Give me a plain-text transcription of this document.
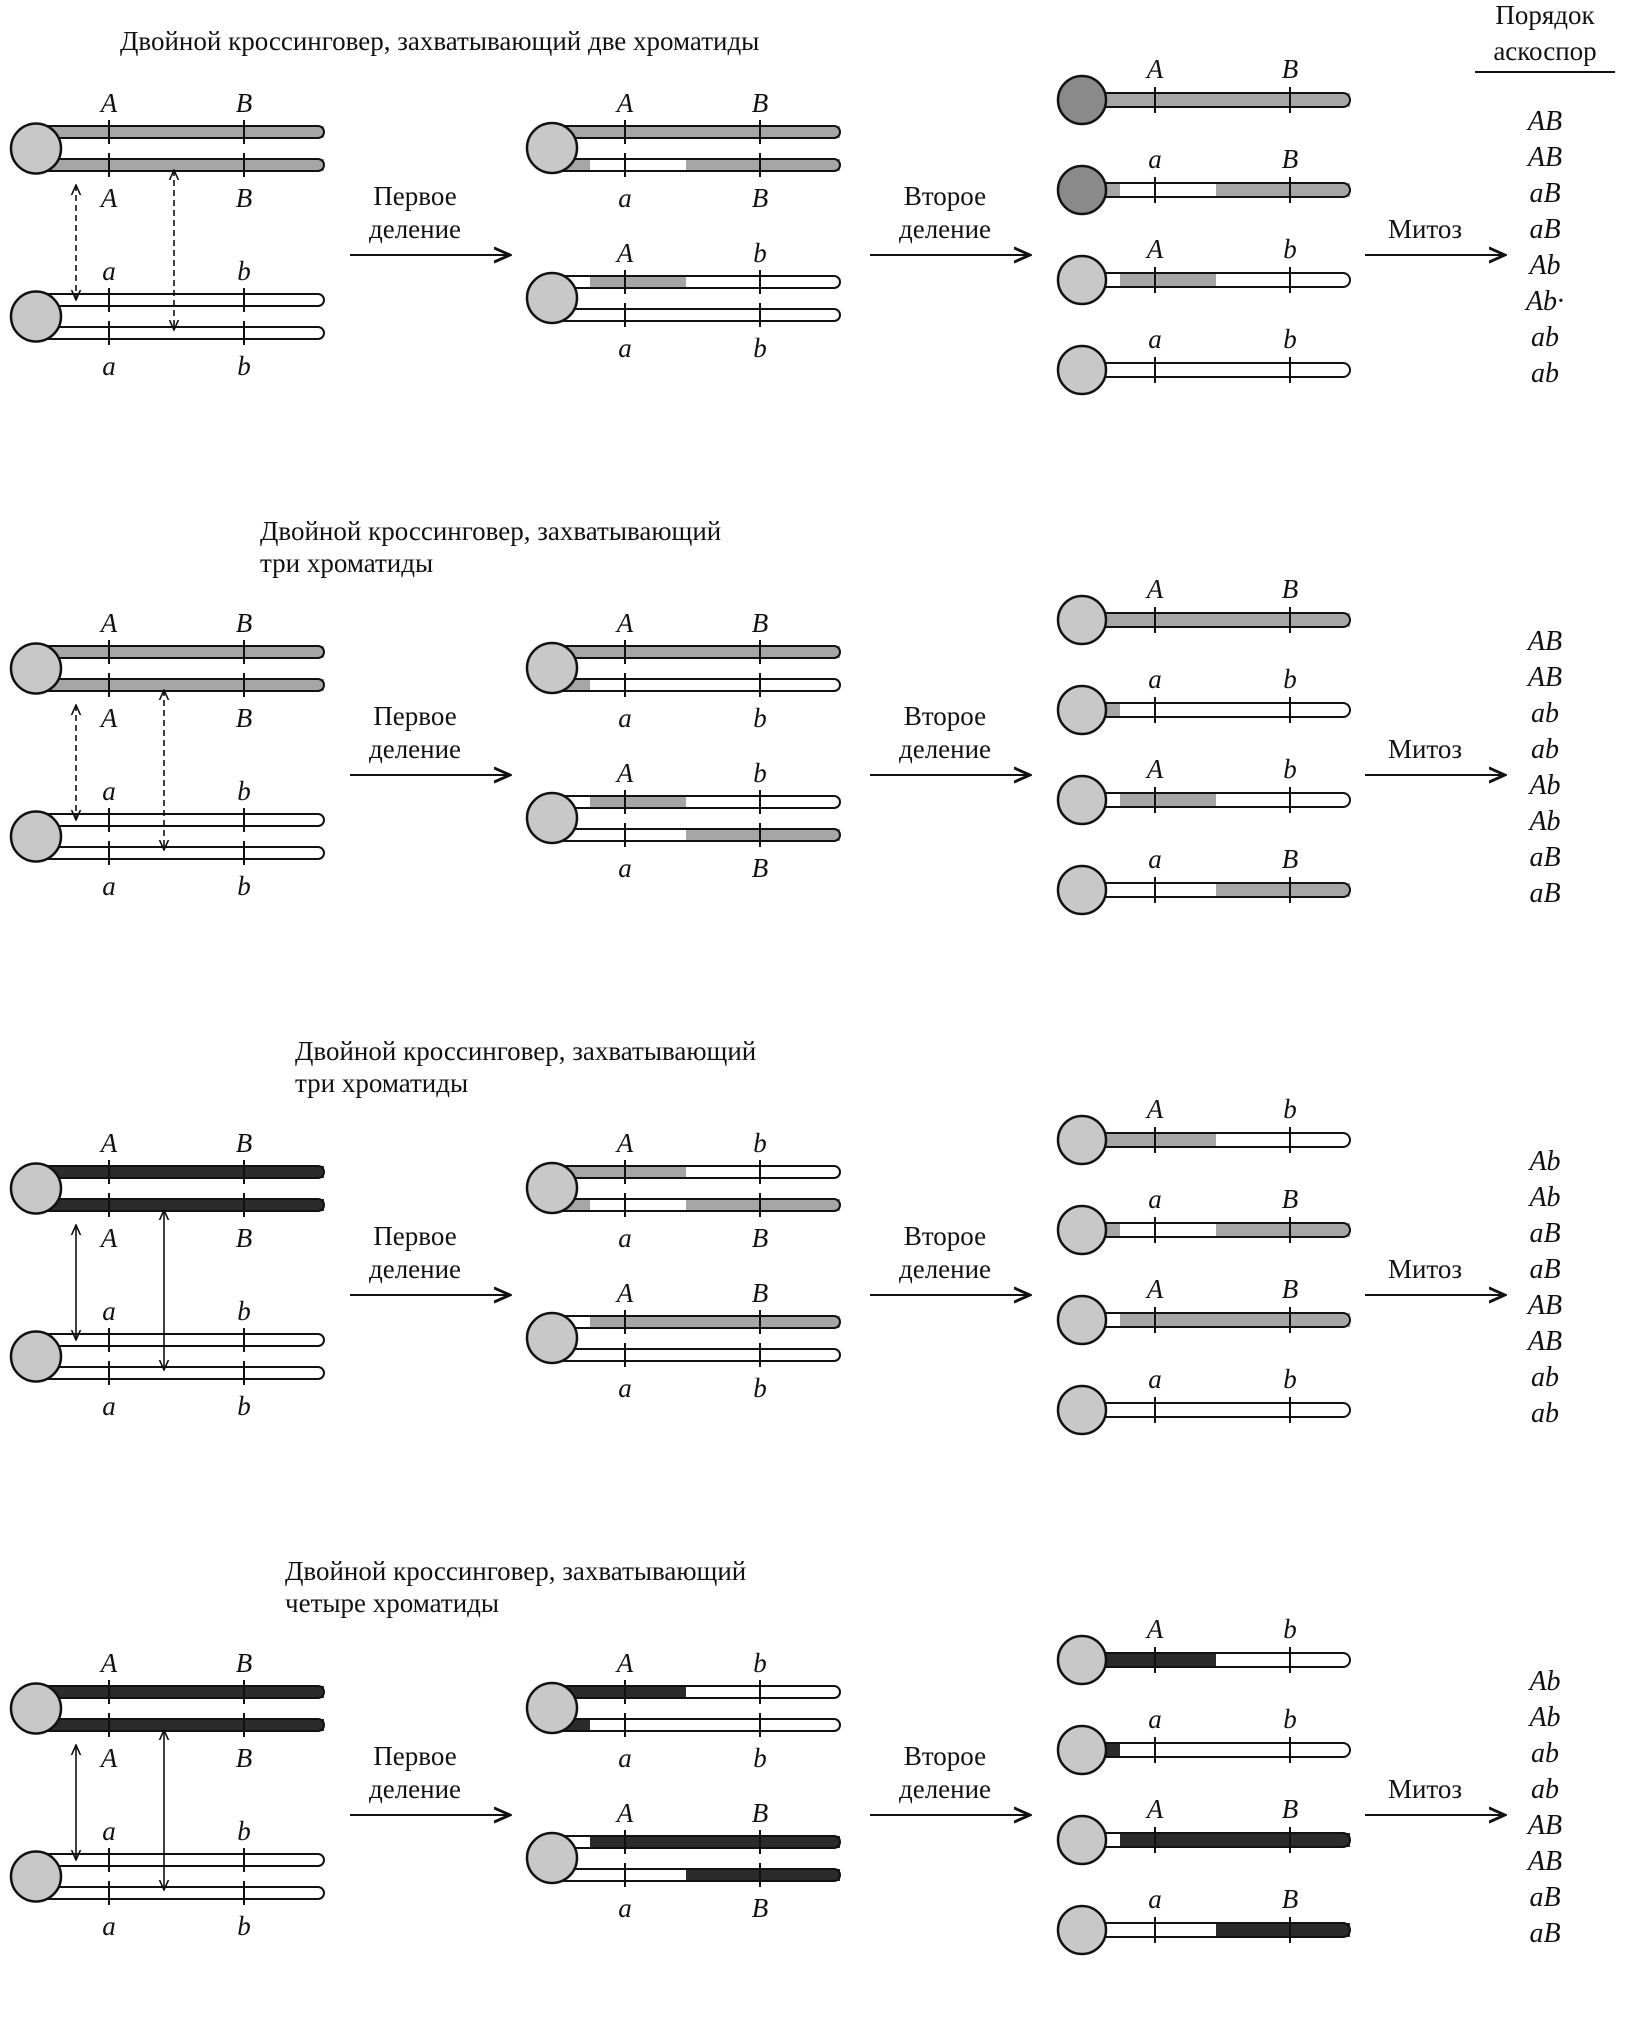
Порядок
аскоспор
Двойной кроссинговер, захватывающий две хроматиды
A	B
A	B
a	b
a	b
Первое
деление
A	B
a	B
A	b
a	b
Второе
деление
A	B
a	B
A	b
a	b
Митоз
AB
AB
aB
aB
Ab
Ab·
ab
ab
Двойной кроссинговер, захватывающий
три хроматиды
A	B
A	B
a	b
a	b
Первое
деление
A	B
a	b
A	b
a	B
Второе
деление
A	B
a	b
A	b
a	B
Митоз
AB
AB
ab
ab
Ab
Ab
aB
aB
Двойной кроссинговер, захватывающий
три хроматиды
A	B
A	B
a	b
a	b
Первое
деление
A	b
a	B
A	B
a	b
Второе
деление
A	b
a	B
A	B
a	b
Митоз
Ab
Ab
aB
aB
AB
AB
ab
ab
Двойной кроссинговер, захватывающий
четыре хроматиды
A	B
A	B
a	b
a	b
Первое
деление
A	b
a	b
A	B
a	B
Второе
деление
A	b
a	b
A	B
a	B
Митоз
Ab
Ab
ab
ab
AB
AB
aB
aB
